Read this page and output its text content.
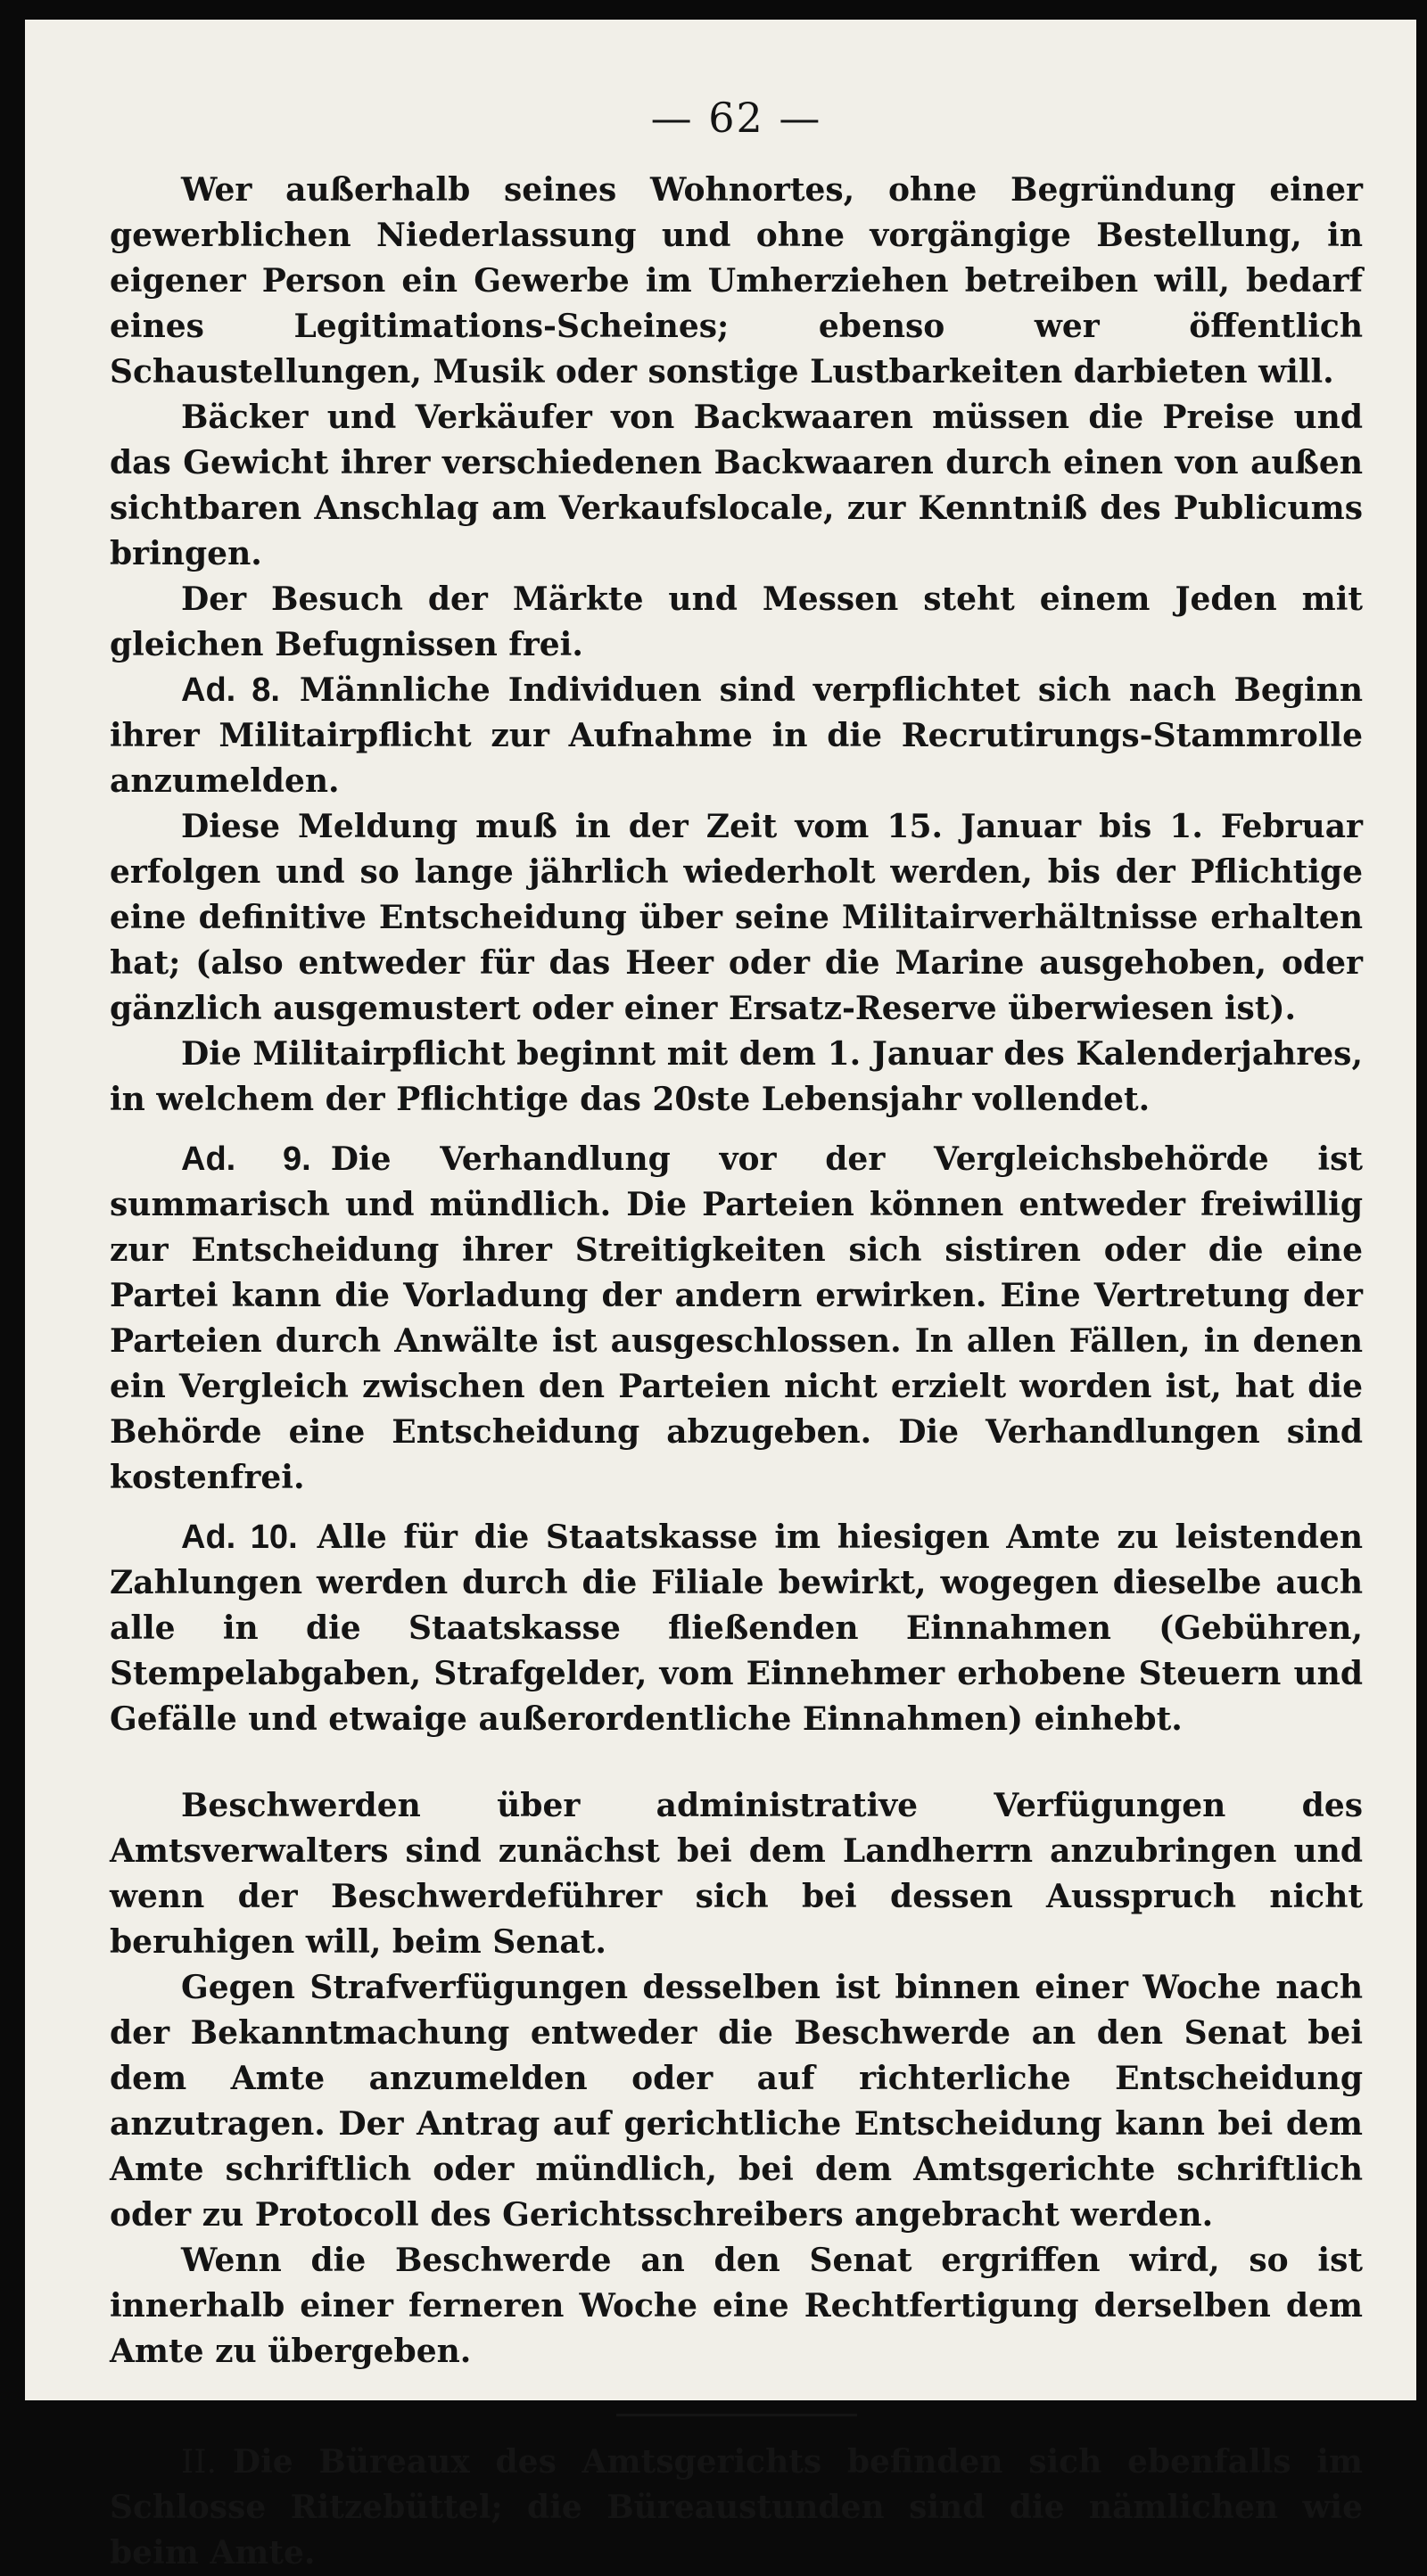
— 62 —

Wer außerhalb seines Wohnortes, ohne Begründung einer gewerblichen Niederlassung und ohne vorgängige Bestellung, in eigener Person ein Gewerbe im Umherziehen betreiben will, bedarf eines Legitimations-Scheines; ebenso wer öffentlich Schaustellungen, Musik oder sonstige Lustbarkeiten darbieten will.

Bäcker und Verkäufer von Backwaaren müssen die Preise und das Gewicht ihrer verschiedenen Backwaaren durch einen von außen sichtbaren Anschlag am Verkaufslocale, zur Kenntniß des Publicums bringen.

Der Besuch der Märkte und Messen steht einem Jeden mit gleichen Befugnissen frei.

Ad. 8. Männliche Individuen sind verpflichtet sich nach Beginn ihrer Militairpflicht zur Aufnahme in die Recrutirungs-Stammrolle anzumelden.

Diese Meldung muß in der Zeit vom 15. Januar bis 1. Februar erfolgen und so lange jährlich wiederholt werden, bis der Pflichtige eine definitive Entscheidung über seine Militairverhältnisse erhalten hat; (also entweder für das Heer oder die Marine ausgehoben, oder gänzlich ausgemustert oder einer Ersatz-Reserve überwiesen ist).

Die Militairpflicht beginnt mit dem 1. Januar des Kalenderjahres, in welchem der Pflichtige das 20ste Lebensjahr vollendet.

Ad. 9. Die Verhandlung vor der Vergleichsbehörde ist summarisch und mündlich. Die Parteien können entweder freiwillig zur Entscheidung ihrer Streitigkeiten sich sistiren oder die eine Partei kann die Vorladung der andern erwirken. Eine Vertretung der Parteien durch Anwälte ist ausgeschlossen. In allen Fällen, in denen ein Vergleich zwischen den Parteien nicht erzielt worden ist, hat die Behörde eine Entscheidung abzugeben. Die Verhandlungen sind kostenfrei.

Ad. 10. Alle für die Staatskasse im hiesigen Amte zu leistenden Zahlungen werden durch die Filiale bewirkt, wogegen dieselbe auch alle in die Staatskasse fließenden Einnahmen (Gebühren, Stempelabgaben, Strafgelder, vom Einnehmer erhobene Steuern und Gefälle und etwaige außerordentliche Einnahmen) einhebt.

Beschwerden über administrative Verfügungen des Amtsverwalters sind zunächst bei dem Landherrn anzubringen und wenn der Beschwerdeführer sich bei dessen Ausspruch nicht beruhigen will, beim Senat.

Gegen Strafverfügungen desselben ist binnen einer Woche nach der Bekanntmachung entweder die Beschwerde an den Senat bei dem Amte anzumelden oder auf richterliche Entscheidung anzutragen. Der Antrag auf gerichtliche Entscheidung kann bei dem Amte schriftlich oder mündlich, bei dem Amtsgerichte schriftlich oder zu Protocoll des Gerichtsschreibers angebracht werden.

Wenn die Beschwerde an den Senat ergriffen wird, so ist innerhalb einer ferneren Woche eine Rechtfertigung derselben dem Amte zu übergeben.

II. Die Büreaux des Amtsgerichts befinden sich ebenfalls im Schlosse Ritzebüttel; die Büreaustunden sind die nämlichen wie beim Amte.
